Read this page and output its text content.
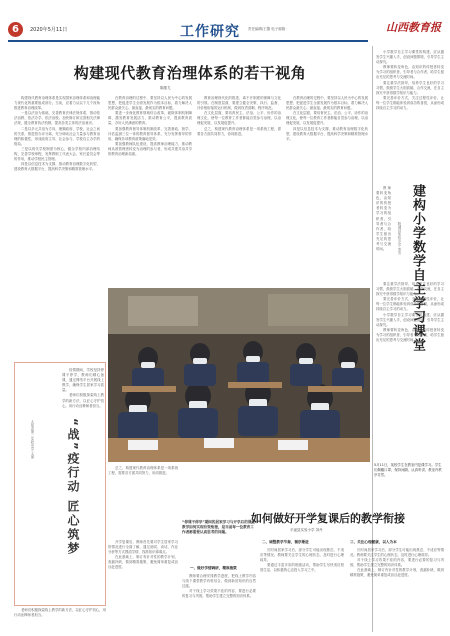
6	2020年5月11日	工作研究 责任编辑/王馨 电子邮箱：	山西教育报
构建现代教育治理体系的若干视角
陈继尤

构建现代教育治理体系是实现国家治理体系和治理能力现代化的重要组成部分。当前，应着力从以下几个视角推进教育治理改革。

一是以法治为基础，完善教育法律法规体系，推动依法治教、依法办学、依法治校。加快修订和完善相关法律法规，健全教育执法机制，提高各类主体的法治意识。

二是以多元共治为方向，理顺政府、学校、社会之间的关系，推进管办评分离，充分调动社会力量参与教育治理的积极性，形成政府主导、社会参与、学校自主办学的格局。

三是以现代学校制度为核心，健全学校内部治理结构，完善学校章程，发挥教职工代表大会、家长委员会等的作用，推动学校民主管理。

四是以信息技术为支撑，推动教育治理数字化转型，建设教育大数据平台，提高科学决策和精准管理水平。

在教育治理的过程中，要坚持以人民为中心的发展思想，把促进学生全面发展作为根本目标，着力解决人民群众最关心、最直接、最现实的教育问题。

要进一步深化教育领域综合改革，破除体制机制障碍，激发教育发展活力，推动教育公平，提高教育质量，办好人民满意的教育。

要加强教育督导体制机制改革，完善督政、督学、评估监测三位一体的教育督导体系，充分发挥督导的作用，确保各项教育政策落地见效。

要加强教师队伍建设，提高教师治理能力，推动教师从被管理者转变为治理的参与者，形成共建共治共享的教育治理新局面。

教育治理现代化的推进，离不开制度的保障与文化的引领。在制度层面，要建立健全决策、执行、监督、评价相衔接的运行机制，做到权责清晰、程序规范。

在文化层面，要培育民主、法治、公平、协作的治理文化，使每一位教育工作者都能自觉参与治理，以治理促发展，以发展促提升。

总之，构建现代教育治理体系是一项系统工程，需要各方面共同努力，协同推进。

在教育治理的过程中，要坚持以人民为中心的发展思想，把促进学生全面发展作为根本目标，着力解决人民群众最关心、最直接、最现实的教育问题。

在文化层面，要培育民主、法治、公平、协作的治理文化，使每一位教育工作者都能自觉参与治理，以治理促发展，以发展促提升。

四是以信息技术为支撑，推动教育治理数字化转型，建设教育大数据平台，提高科学决策和精准管理水平。

小学数学自主学习课堂的构建，应从激发学生兴趣入手，创设问题情境，引导学生主动探究。

教师要转变角色，由知识的传授者转变为学习的组织者、引导者与合作者，给学生留出充足的思考与交流时间。

要注重学法指导，培养学生良好的学习习惯，鼓励学生大胆质疑、合作交流，在自主探究中获得数学知识与能力。

要完善评价方式，关注过程性评价，让每一位学生都能体验到成功的喜悦，从而形成持续自主学习的动力。

建构小学数学自主学习课堂
阳城县实验小学 李芳

教师要转变角色，由知识的传授者转变为学习的组织者、引导者与合作者，给学生留出充足的思考与交流时间。

要注重学法指导，培养学生良好的学习习惯，鼓励学生大胆质疑、合作交流，在自主探究中获得数学知识与能力。

要完善评价方式，关注过程性评价，让每一位学生都能体验到成功的喜悦，从而形成持续自主学习的动力。

小学数学自主学习课堂的构建，应从激发学生兴趣入手，创设问题情境，引导学生主动探究。

教师要转变角色，由知识的传授者转变为学习的组织者、引导者与合作者，给学生留出充足的思考与交流时间。

“战”疫行动 匠心筑梦
太原市第二实验中学 王丽

疫情期间，学校坚持停课不停学，教师们精心备课，通过网络平台开展线上教学，确保学生居家学习质量。

老师们积极探索线上教学的新方法，以匠心守护初心，用行动诠释师者担当。

老师们积极探索线上教学的新方法，以匠心守护初心，用行动诠释师者担当。

5月11日，某校学生在教室内复课学习。学生们佩戴口罩，保持间隔，认真听讲，教室内秩序井然。

总之，构建现代教育治理体系是一项系统工程，需要各方面共同努力，协同推进。

如何做好开学复课后的教学衔接
平遥县实验小学 刘丹
“停课不停学”期间的居家学习与开学后的课堂教学如何实现有效衔接，是当前每一位教育工作者都需要认真思考的问题。
一、做好学情调研，精准施策

开学复课后，教师首先要对学生居家学习的情况进行全面了解，通过测试、谈话、作业分析等方式摸清学情，找准知识薄弱点。

在此基础上，制订有针对性的教学计划，查漏补缺，做到精准施策，避免简单重复或盲目赶进度。

教师要合理安排教学进度，把线上教学内容与线下课堂教学有机结合，做到新旧知识的自然过渡。

对于线上学习效果不佳的内容，要进行必要的复习与巩固，帮助学生建立完整的知识体系。

二、调整教学节奏，循序渐进

长时间居家学习后，部分学生可能出现焦虑、不适应等情况。教师要关注学生的心理状态，及时进行心理疏导。

要通过丰富多彩的班级活动，帮助学生尽快适应校园生活，以积极的心态投入学习之中。

三、关注心理健康，以人为本

长时间居家学习后，部分学生可能出现焦虑、不适应等情况。教师要关注学生的心理状态，及时进行心理疏导。

对于线上学习效果不佳的内容，要进行必要的复习与巩固，帮助学生建立完整的知识体系。

在此基础上，制订有针对性的教学计划，查漏补缺，做到精准施策，避免简单重复或盲目赶进度。
